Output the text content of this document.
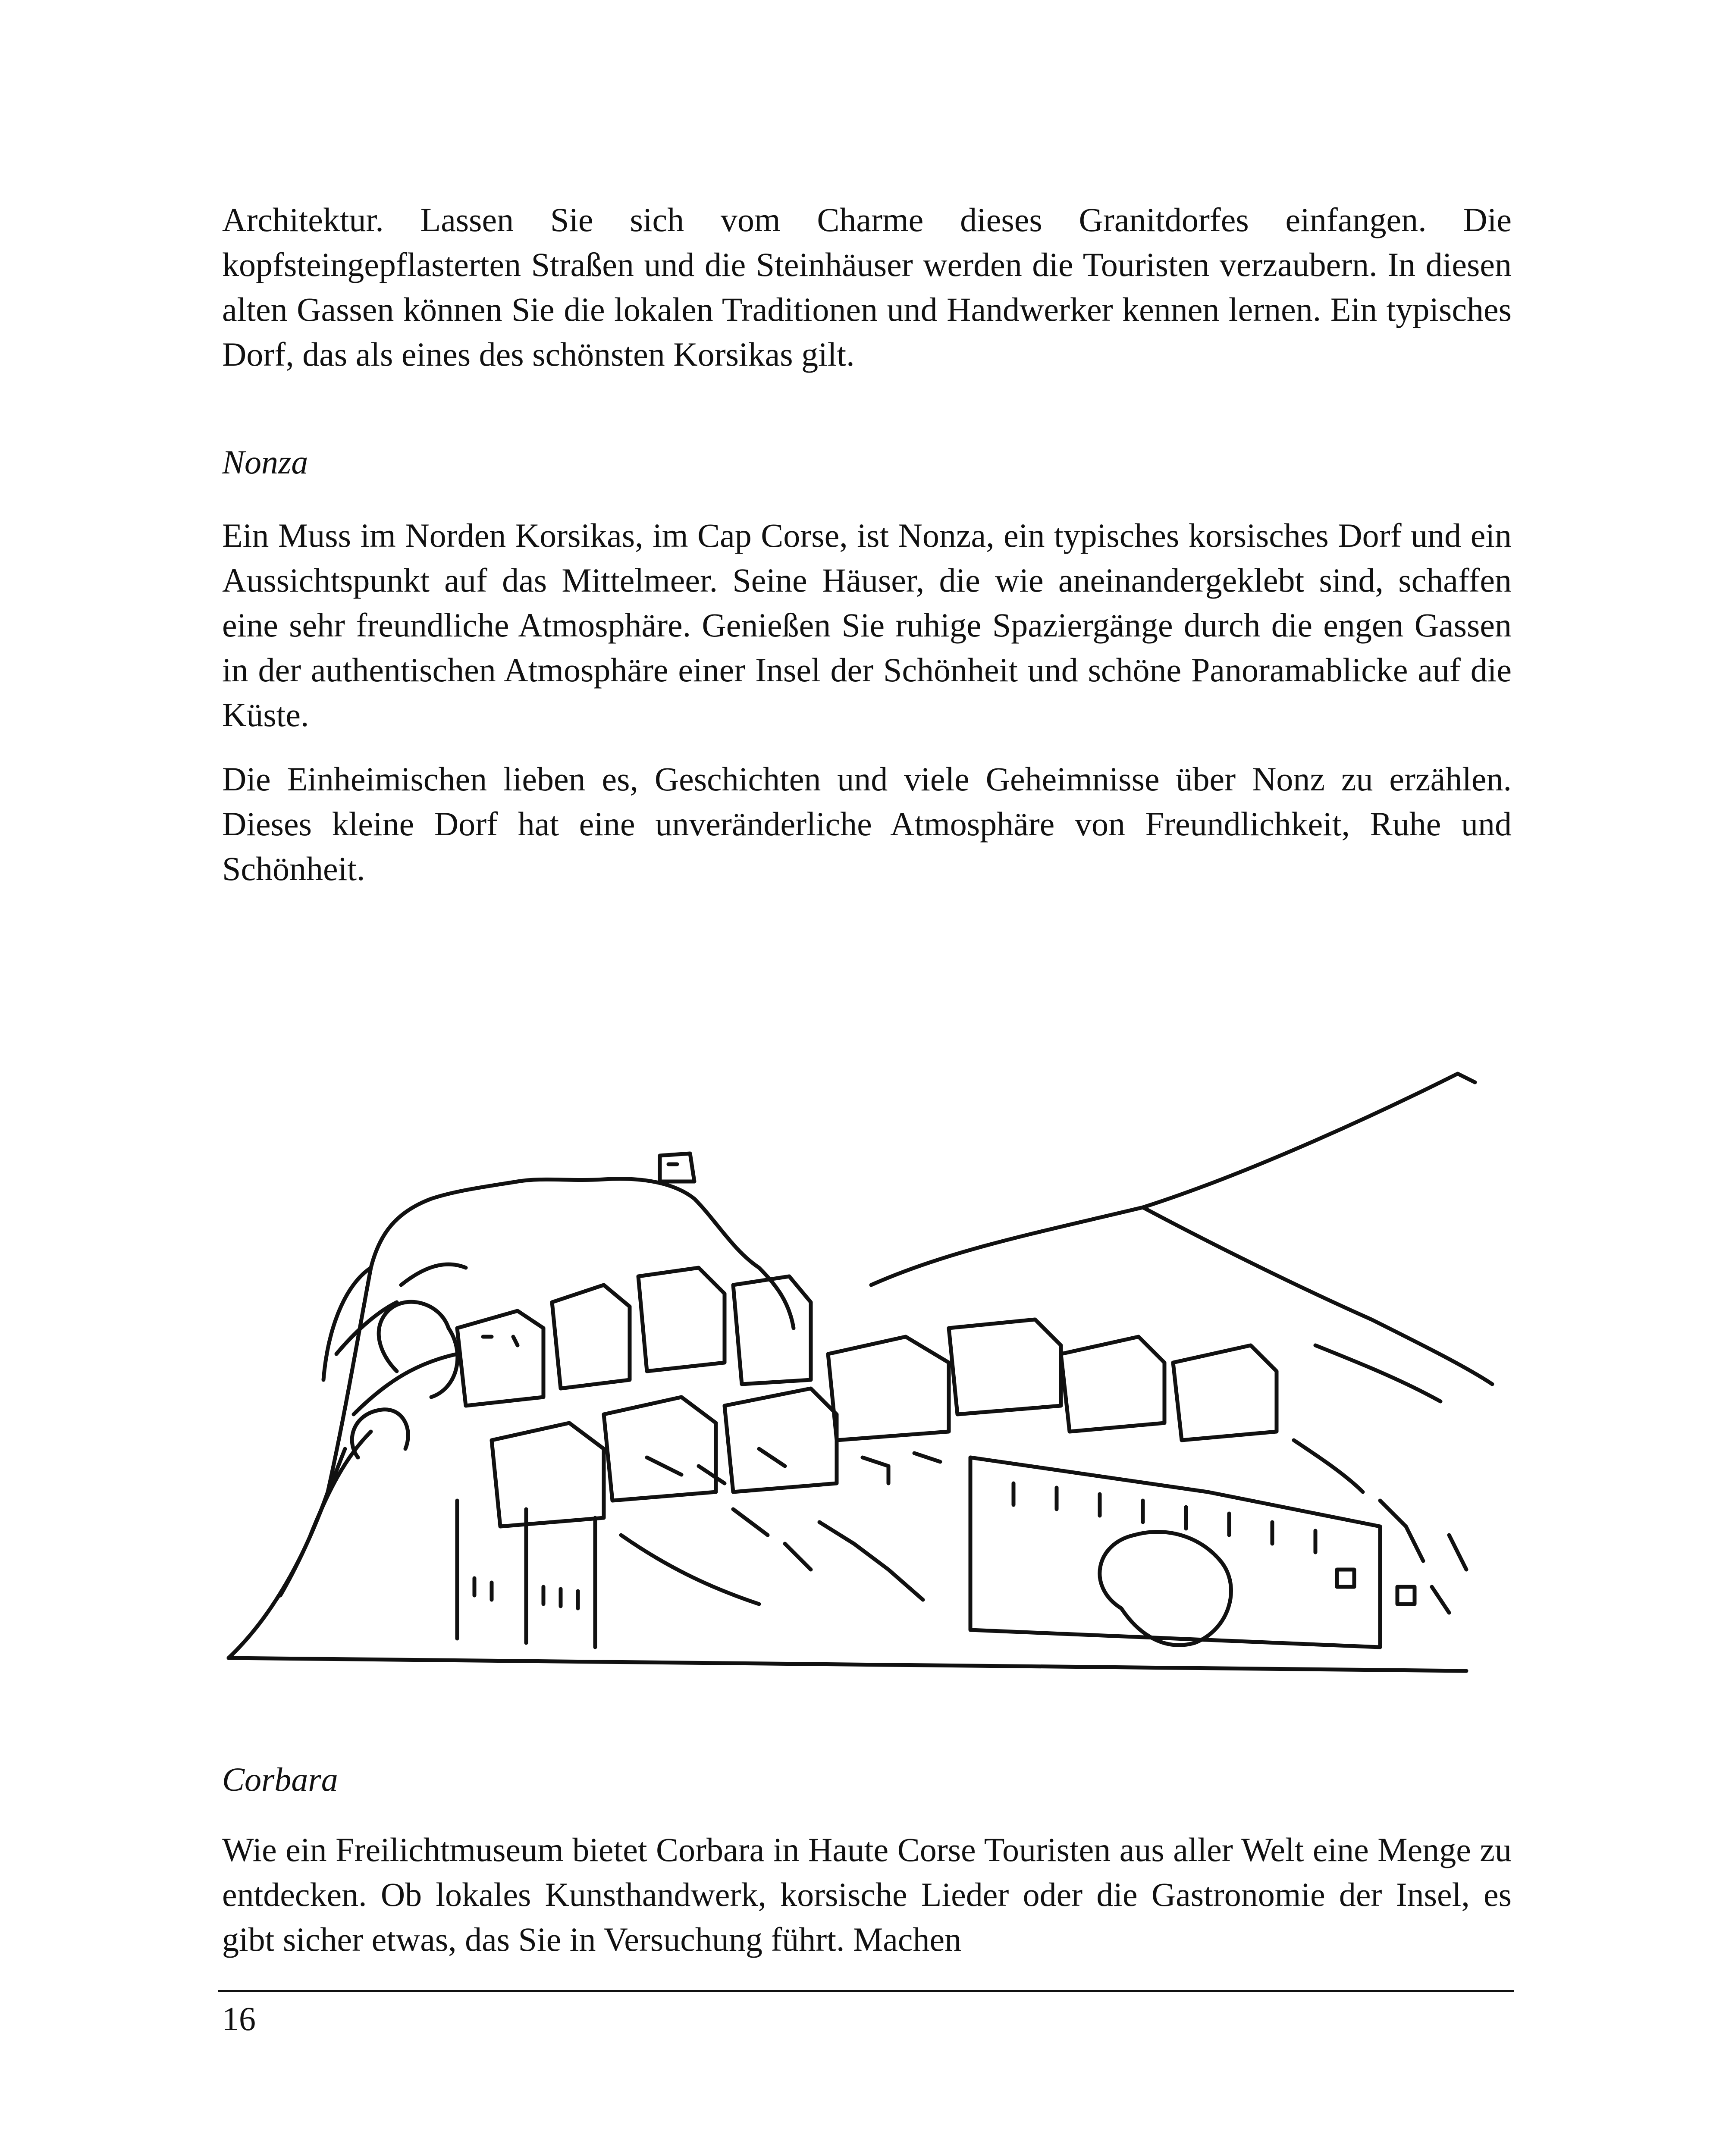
Architektur. Lassen Sie sich vom Charme dieses Granitdorfes einfangen. Die kopfsteingepflasterten Straßen und die Steinhäuser werden die Touristen verzaubern. In diesen alten Gassen können Sie die lokalen Traditionen und Handwerker kennen lernen. Ein typisches Dorf, das als eines des schönsten Korsikas gilt.

Nonza

Ein Muss im Norden Korsikas, im Cap Corse, ist Nonza, ein typisches korsisches Dorf und ein Aussichtspunkt auf das Mittelmeer. Seine Häuser, die wie aneinandergeklebt sind, schaffen eine sehr freundliche Atmosphäre. Genießen Sie ruhige Spaziergänge durch die engen Gassen in der authentischen Atmosphäre einer Insel der Schönheit und schöne Panoramablicke auf die Küste.

Die Einheimischen lieben es, Geschichten und viele Geheimnisse über Nonz zu erzählen. Dieses kleine Dorf hat eine unveränderliche Atmosphäre von Freundlichkeit, Ruhe und Schönheit.

Corbara

Wie ein Freilichtmuseum bietet Corbara in Haute Corse Touristen aus aller Welt eine Menge zu entdecken. Ob lokales Kunsthandwerk, korsische Lieder oder die Gastronomie der Insel, es gibt sicher etwas, das Sie in Versuchung führt. Machen

16
